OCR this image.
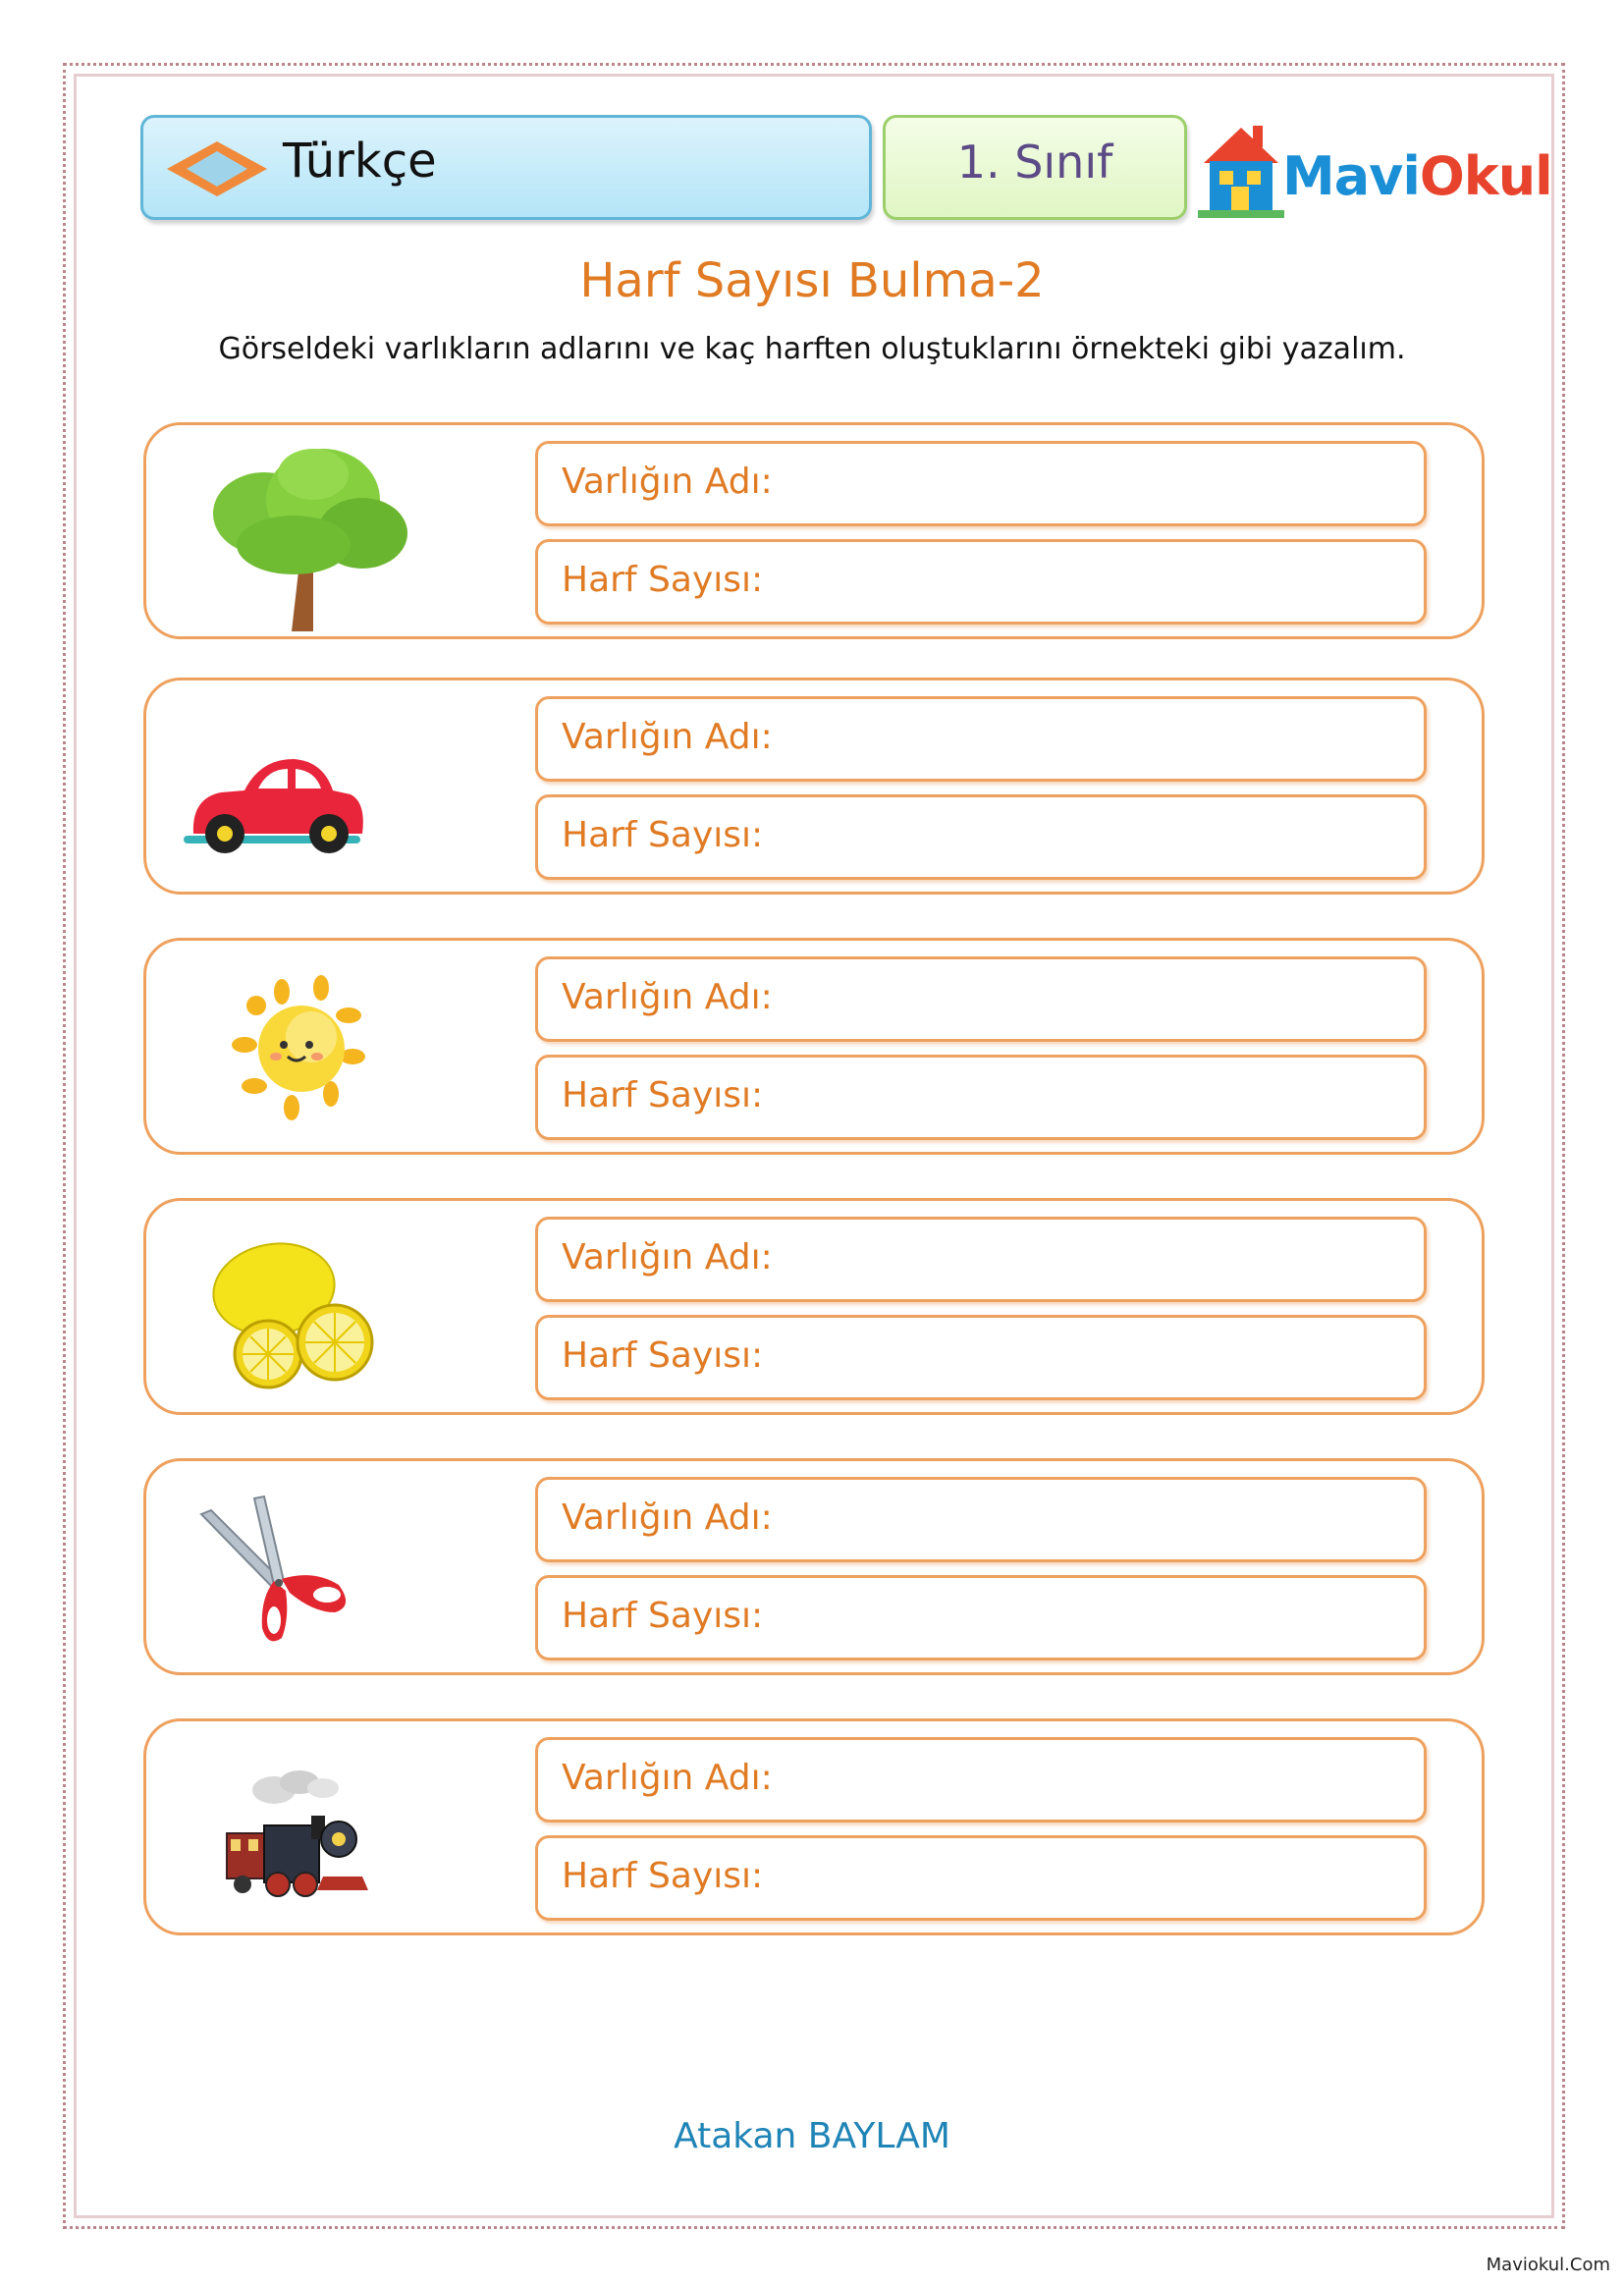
Türkçe	1. Sınıf	MaviOkul
Harf Sayısı Bulma-2
Görseldeki varlıkların adlarını ve kaç harften oluştuklarını örnekteki gibi yazalım.
Varlığın Adı:
Harf Sayısı:
Varlığın Adı:
Harf Sayısı:
Varlığın Adı:
Harf Sayısı:
Varlığın Adı:
Harf Sayısı:
Varlığın Adı:
Harf Sayısı:
Varlığın Adı:
Harf Sayısı:
Atakan BAYLAM
Maviokul.Com
